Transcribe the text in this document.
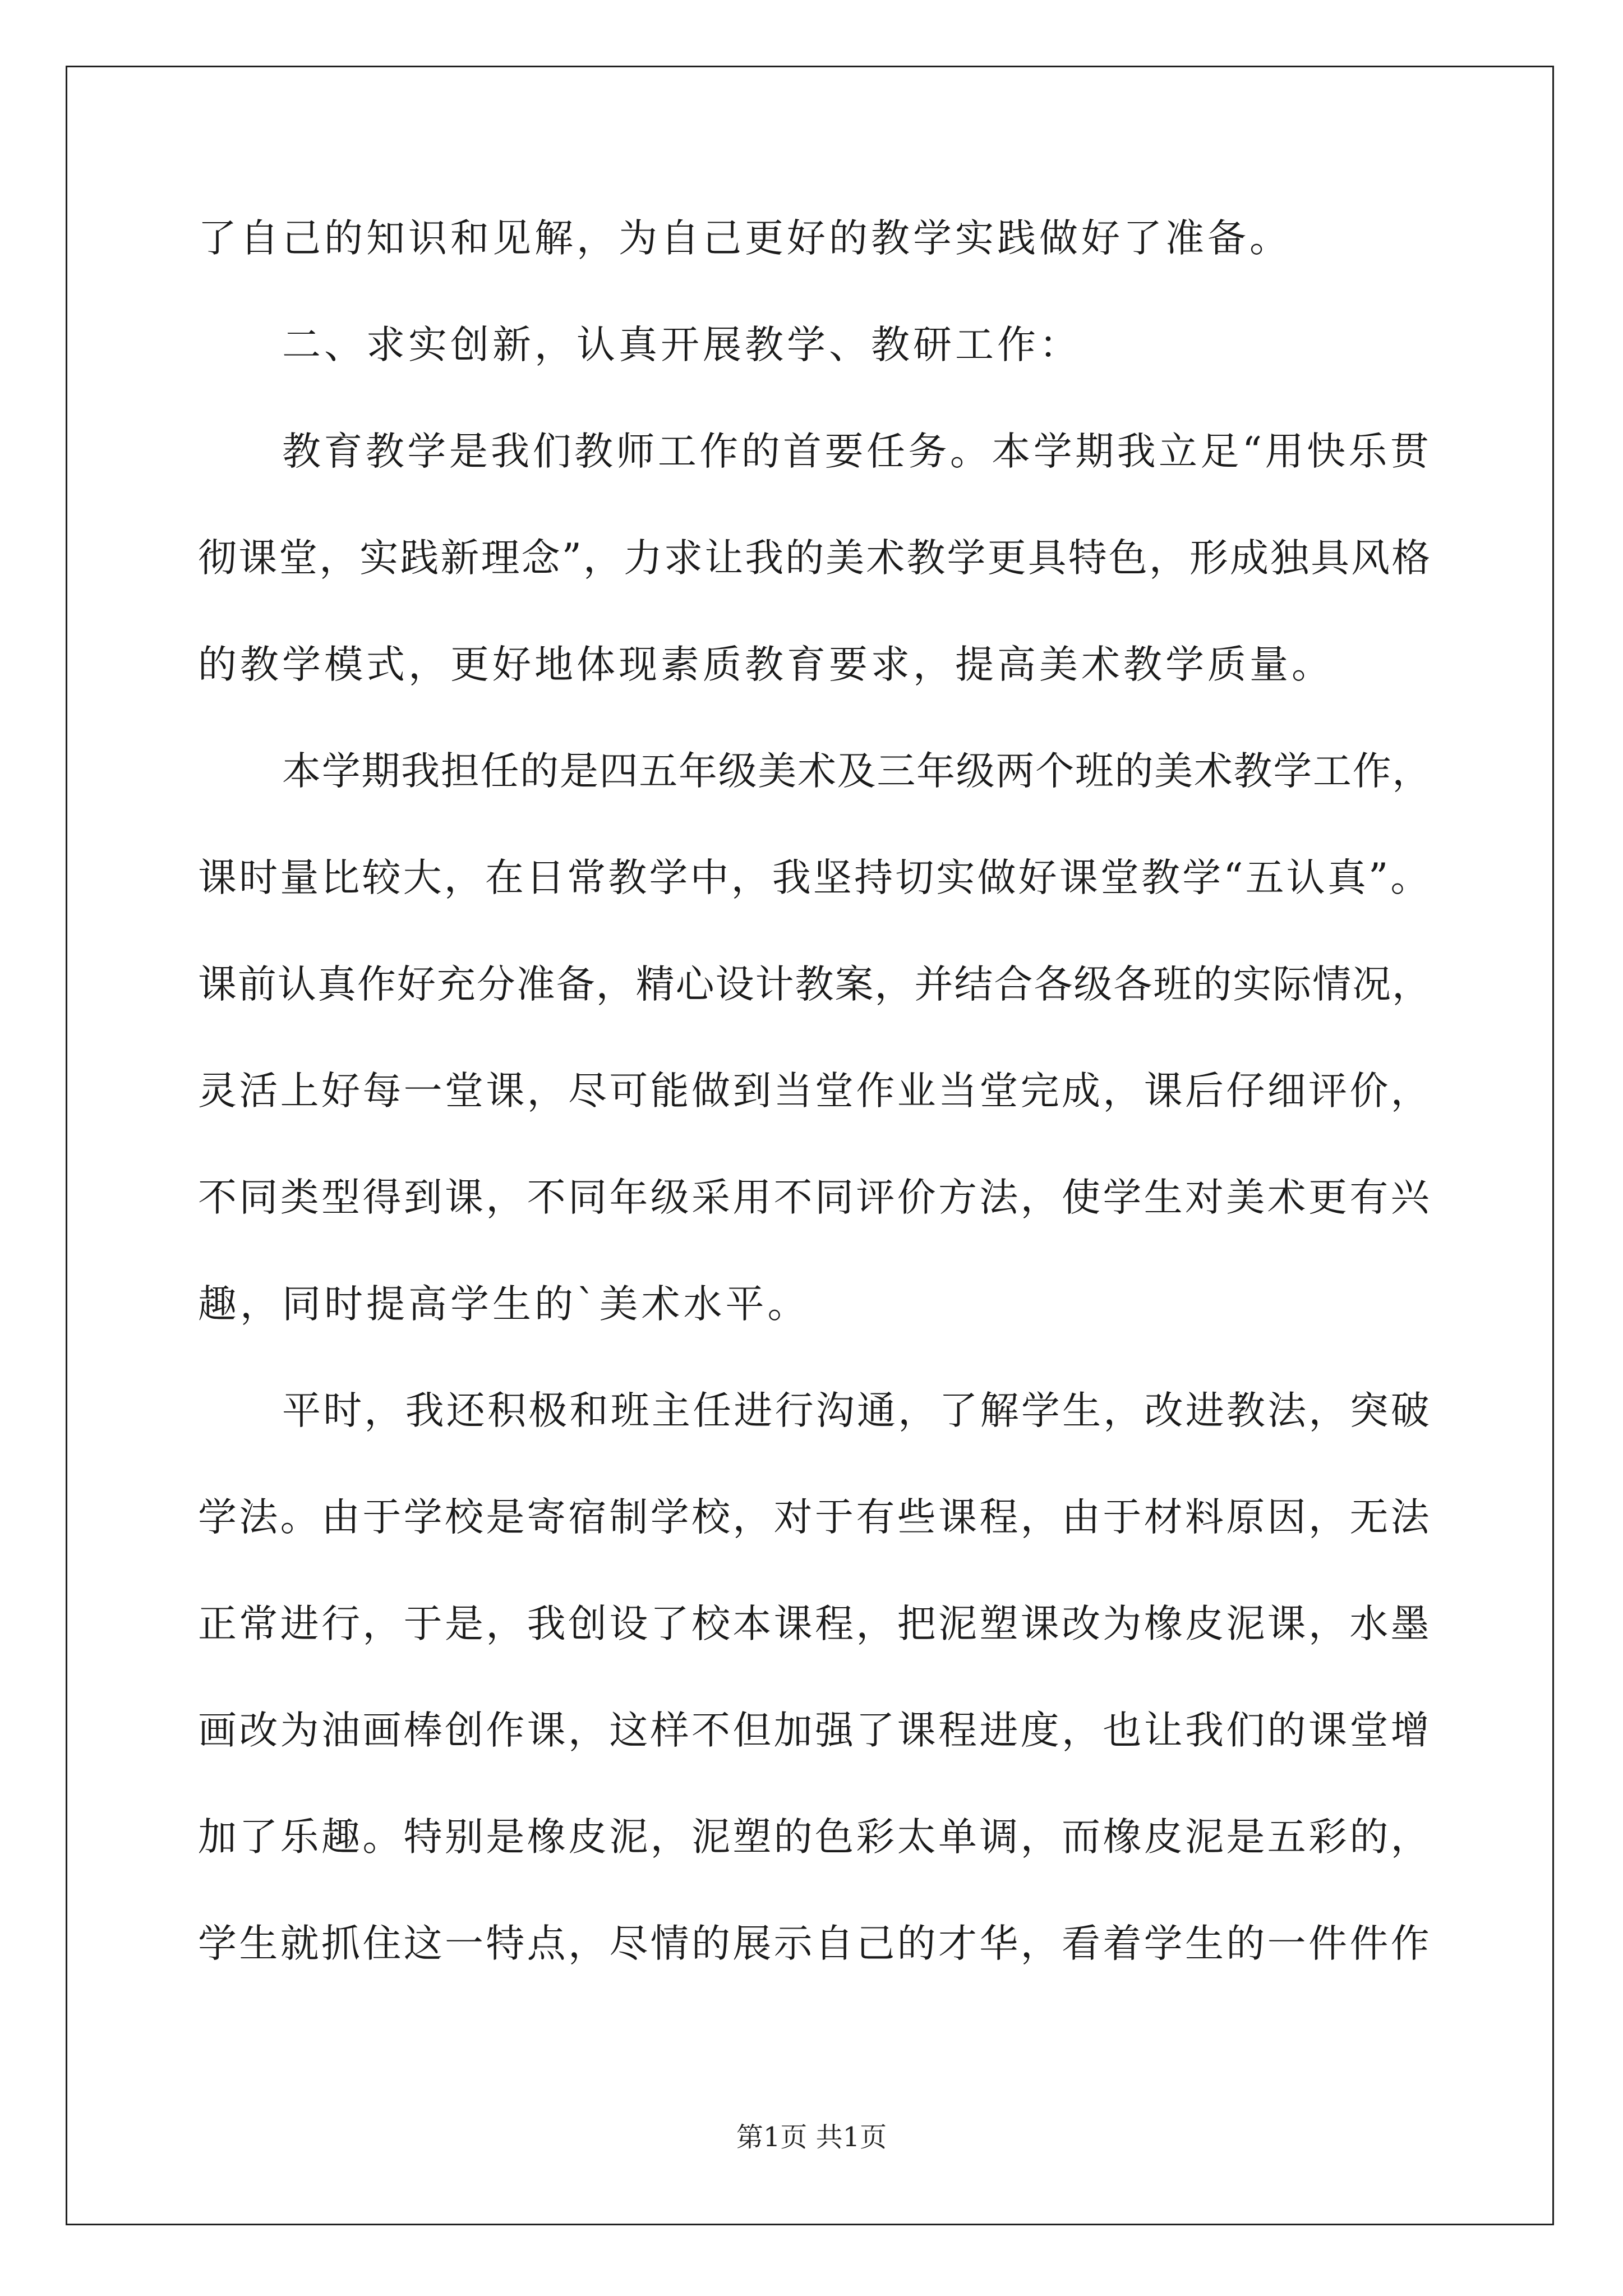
了自己的知识和见解，为自己更好的教学实践做好了准备。
二、求实创新，认真开展教学、教研工作：
教育教学是我们教师工作的首要任务。本学期我立足“用快乐贯
彻课堂，实践新理念”，力求让我的美术教学更具特色，形成独具风格
的教学模式，更好地体现素质教育要求，提高美术教学质量。
本学期我担任的是四五年级美术及三年级两个班的美术教学工作，
课时量比较大，在日常教学中，我坚持切实做好课堂教学“五认真”。
课前认真作好充分准备，精心设计教案，并结合各级各班的实际情况，
灵活上好每一堂课，尽可能做到当堂作业当堂完成，课后仔细评价，
不同类型得到课，不同年级采用不同评价方法，使学生对美术更有兴
趣，同时提高学生的`美术水平。
平时，我还积极和班主任进行沟通，了解学生，改进教法，突破
学法。由于学校是寄宿制学校，对于有些课程，由于材料原因，无法
正常进行，于是，我创设了校本课程，把泥塑课改为橡皮泥课，水墨
画改为油画棒创作课，这样不但加强了课程进度，也让我们的课堂增
加了乐趣。特别是橡皮泥，泥塑的色彩太单调，而橡皮泥是五彩的，
学生就抓住这一特点，尽情的展示自己的才华，看着学生的一件件作
第1页 共1页
